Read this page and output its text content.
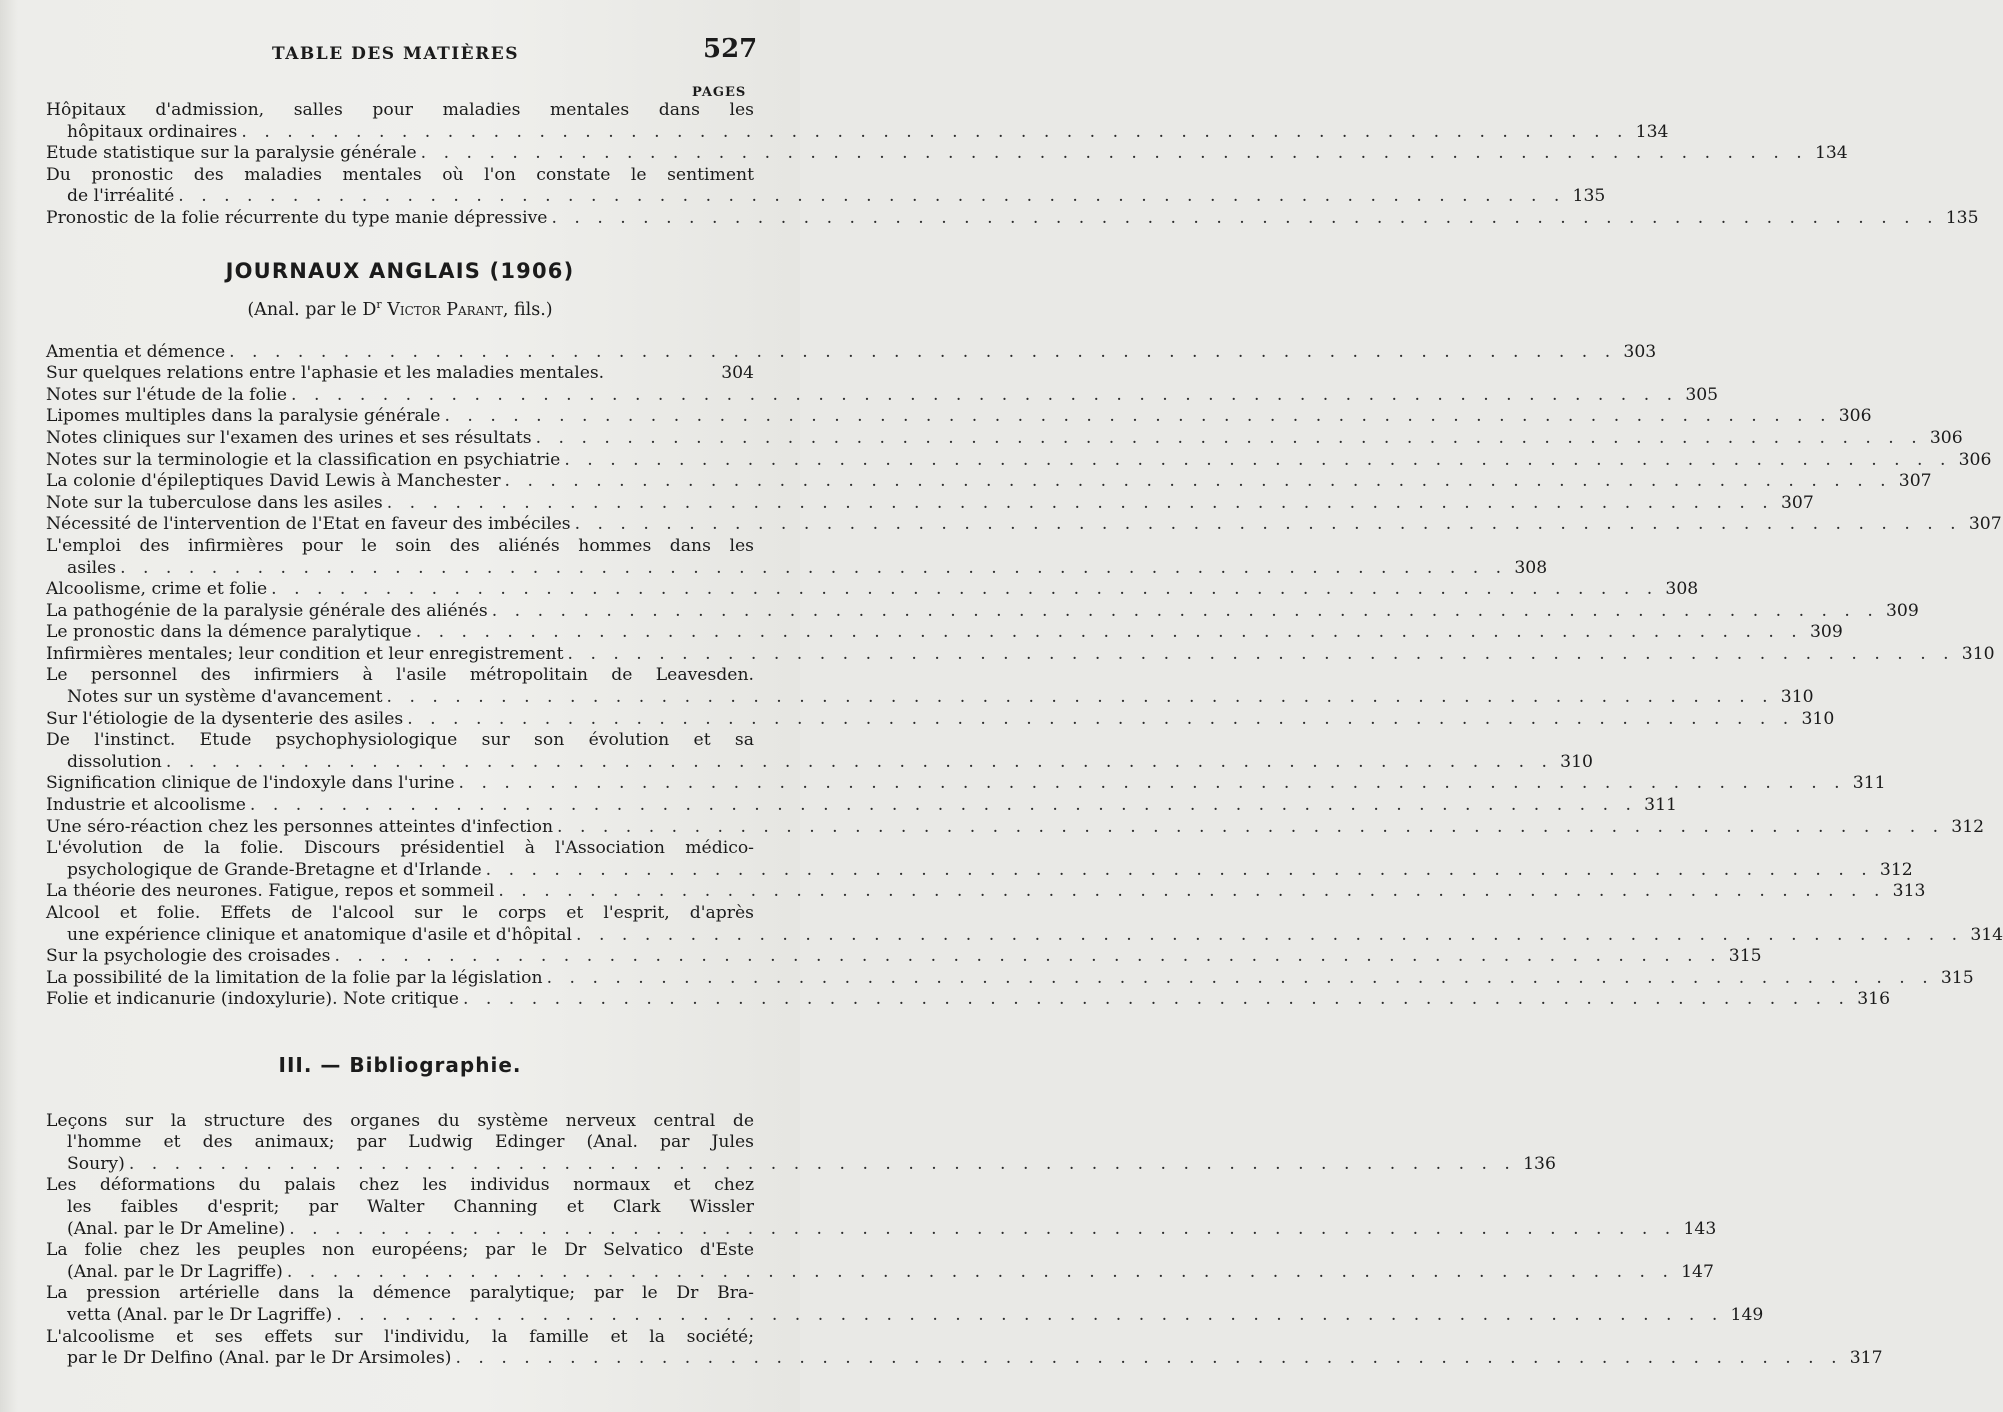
TABLE DES MATIÈRES	527
PAGES
Hôpitaux d'admission, salles pour maladies mentales dans les
hôpitaux ordinaires . . . . . . . . . . . . . . . . . . . . . . . . . . . . . . . . . . . . . . . . . . . . . . . . . . . . . . . . . . . . . 134
Etude statistique sur la paralysie générale . . . . . . . . . . . . . . . . . . . . . . . . . . . . . . . . . . . . . . . . . . . . . . . . . . . . . . . . . . . . . 134
Du pronostic des maladies mentales où l'on constate le sentiment
de l'irréalité . . . . . . . . . . . . . . . . . . . . . . . . . . . . . . . . . . . . . . . . . . . . . . . . . . . . . . . . . . . . . 135
Pronostic de la folie récurrente du type manie dépressive . . . . . . . . . . . . . . . . . . . . . . . . . . . . . . . . . . . . . . . . . . . . . . . . . . . . . . . . . . . . . 135
JOURNAUX ANGLAIS (1906)
(Anal. par le $D^r$ Victor Parant, fils.)
Amentia et démence . . . . . . . . . . . . . . . . . . . . . . . . . . . . . . . . . . . . . . . . . . . . . . . . . . . . . . . . . . . . . 303
Sur quelques relations entre l'aphasie et les maladies mentales.	304
Notes sur l'étude de la folie . . . . . . . . . . . . . . . . . . . . . . . . . . . . . . . . . . . . . . . . . . . . . . . . . . . . . . . . . . . . . 305
Lipomes multiples dans la paralysie générale . . . . . . . . . . . . . . . . . . . . . . . . . . . . . . . . . . . . . . . . . . . . . . . . . . . . . . . . . . . . . 306
Notes cliniques sur l'examen des urines et ses résultats . . . . . . . . . . . . . . . . . . . . . . . . . . . . . . . . . . . . . . . . . . . . . . . . . . . . . . . . . . . . . 306
Notes sur la terminologie et la classification en psychiatrie . . . . . . . . . . . . . . . . . . . . . . . . . . . . . . . . . . . . . . . . . . . . . . . . . . . . . . . . . . . . . 306
La colonie d'épileptiques David Lewis à Manchester . . . . . . . . . . . . . . . . . . . . . . . . . . . . . . . . . . . . . . . . . . . . . . . . . . . . . . . . . . . . . 307
Note sur la tuberculose dans les asiles . . . . . . . . . . . . . . . . . . . . . . . . . . . . . . . . . . . . . . . . . . . . . . . . . . . . . . . . . . . . . 307
Nécessité de l'intervention de l'Etat en faveur des imbéciles . . . . . . . . . . . . . . . . . . . . . . . . . . . . . . . . . . . . . . . . . . . . . . . . . . . . . . . . . . . . . 307
L'emploi des infirmières pour le soin des aliénés hommes dans les
asiles . . . . . . . . . . . . . . . . . . . . . . . . . . . . . . . . . . . . . . . . . . . . . . . . . . . . . . . . . . . . . 308
Alcoolisme, crime et folie . . . . . . . . . . . . . . . . . . . . . . . . . . . . . . . . . . . . . . . . . . . . . . . . . . . . . . . . . . . . . 308
La pathogénie de la paralysie générale des aliénés . . . . . . . . . . . . . . . . . . . . . . . . . . . . . . . . . . . . . . . . . . . . . . . . . . . . . . . . . . . . . 309
Le pronostic dans la démence paralytique . . . . . . . . . . . . . . . . . . . . . . . . . . . . . . . . . . . . . . . . . . . . . . . . . . . . . . . . . . . . . 309
Infirmières mentales; leur condition et leur enregistrement . . . . . . . . . . . . . . . . . . . . . . . . . . . . . . . . . . . . . . . . . . . . . . . . . . . . . . . . . . . . . 310
Le personnel des infirmiers à l'asile métropolitain de Leavesden.
Notes sur un système d'avancement . . . . . . . . . . . . . . . . . . . . . . . . . . . . . . . . . . . . . . . . . . . . . . . . . . . . . . . . . . . . . 310
Sur l'étiologie de la dysenterie des asiles . . . . . . . . . . . . . . . . . . . . . . . . . . . . . . . . . . . . . . . . . . . . . . . . . . . . . . . . . . . . . 310
De l'instinct. Etude psychophysiologique sur son évolution et sa
dissolution . . . . . . . . . . . . . . . . . . . . . . . . . . . . . . . . . . . . . . . . . . . . . . . . . . . . . . . . . . . . . 310
Signification clinique de l'indoxyle dans l'urine . . . . . . . . . . . . . . . . . . . . . . . . . . . . . . . . . . . . . . . . . . . . . . . . . . . . . . . . . . . . . 311
Industrie et alcoolisme . . . . . . . . . . . . . . . . . . . . . . . . . . . . . . . . . . . . . . . . . . . . . . . . . . . . . . . . . . . . . 311
Une séro-réaction chez les personnes atteintes d'infection . . . . . . . . . . . . . . . . . . . . . . . . . . . . . . . . . . . . . . . . . . . . . . . . . . . . . . . . . . . . . 312
L'évolution de la folie. Discours présidentiel à l'Association médico-
psychologique de Grande-Bretagne et d'Irlande . . . . . . . . . . . . . . . . . . . . . . . . . . . . . . . . . . . . . . . . . . . . . . . . . . . . . . . . . . . . . 312
La théorie des neurones. Fatigue, repos et sommeil . . . . . . . . . . . . . . . . . . . . . . . . . . . . . . . . . . . . . . . . . . . . . . . . . . . . . . . . . . . . . 313
Alcool et folie. Effets de l'alcool sur le corps et l'esprit, d'après
une expérience clinique et anatomique d'asile et d'hôpital . . . . . . . . . . . . . . . . . . . . . . . . . . . . . . . . . . . . . . . . . . . . . . . . . . . . . . . . . . . . . 314
Sur la psychologie des croisades . . . . . . . . . . . . . . . . . . . . . . . . . . . . . . . . . . . . . . . . . . . . . . . . . . . . . . . . . . . . . 315
La possibilité de la limitation de la folie par la législation . . . . . . . . . . . . . . . . . . . . . . . . . . . . . . . . . . . . . . . . . . . . . . . . . . . . . . . . . . . . . 315
Folie et indicanurie (indoxylurie). Note critique . . . . . . . . . . . . . . . . . . . . . . . . . . . . . . . . . . . . . . . . . . . . . . . . . . . . . . . . . . . . . 316
III. — Bibliographie.
Leçons sur la structure des organes du système nerveux central de
l'homme et des animaux; par Ludwig Edinger (Anal. par Jules
Soury) . . . . . . . . . . . . . . . . . . . . . . . . . . . . . . . . . . . . . . . . . . . . . . . . . . . . . . . . . . . . . 136
Les déformations du palais chez les individus normaux et chez
les faibles d'esprit; par Walter Channing et Clark Wissler
(Anal. par le Dr Ameline) . . . . . . . . . . . . . . . . . . . . . . . . . . . . . . . . . . . . . . . . . . . . . . . . . . . . . . . . . . . . . 143
La folie chez les peuples non européens; par le Dr Selvatico d'Este
(Anal. par le Dr Lagriffe) . . . . . . . . . . . . . . . . . . . . . . . . . . . . . . . . . . . . . . . . . . . . . . . . . . . . . . . . . . . . . 147
La pression artérielle dans la démence paralytique; par le Dr Bra-
vetta (Anal. par le Dr Lagriffe) . . . . . . . . . . . . . . . . . . . . . . . . . . . . . . . . . . . . . . . . . . . . . . . . . . . . . . . . . . . . . 149
L'alcoolisme et ses effets sur l'individu, la famille et la société;
par le Dr Delfino (Anal. par le Dr Arsimoles) . . . . . . . . . . . . . . . . . . . . . . . . . . . . . . . . . . . . . . . . . . . . . . . . . . . . . . . . . . . . . 317
